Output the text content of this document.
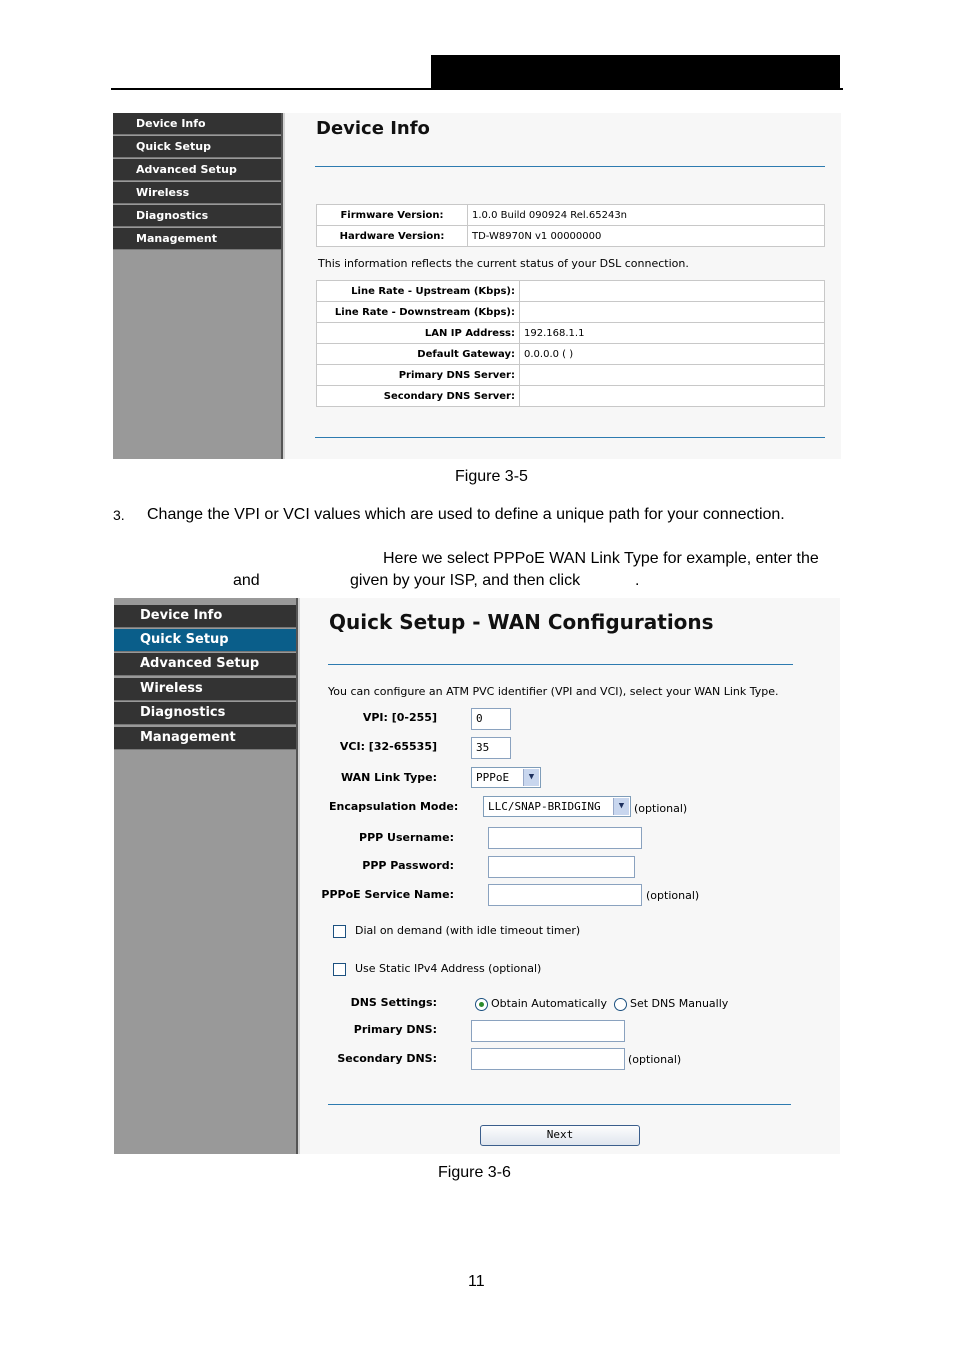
Device Info
Quick Setup
Advanced Setup
Wireless
Diagnostics
Management
Device Info
Firmware Version:	1.0.0 Build 090924 Rel.65243n
Hardware Version:	TD-W8970N v1 00000000
This information reflects the current status of your DSL connection.
Line Rate - Upstream (Kbps):	
Line Rate - Downstream (Kbps):	
LAN IP Address:	192.168.1.1
Default Gateway:	0.0.0.0 ( )
Primary DNS Server:	
Secondary DNS Server:	
Figure 3-5
3. Change the VPI or VCI values which are used to define a unique path for your connection.
Here we select PPPoE WAN Link Type for example, enter the
and	given by your ISP, and then click	.
Device Info
Quick Setup
Advanced Setup
Wireless
Diagnostics
Management
Quick Setup - WAN Configurations
You can configure an ATM PVC identifier (VPI and VCI), select your WAN Link Type.
VPI: [0-255]	0
VCI: [32-65535]	35
WAN Link Type:	PPPoE	▼
Encapsulation Mode:	LLC/SNAP-BRIDGING	▼ (optional)
PPP Username:
PPP Password:
PPPoE Service Name:	(optional)
Dial on demand (with idle timeout timer)
Use Static IPv4 Address (optional)
DNS Settings:	Obtain Automatically Set DNS Manually
Primary DNS:
Secondary DNS:	(optional)
Next
Figure 3-6
11
